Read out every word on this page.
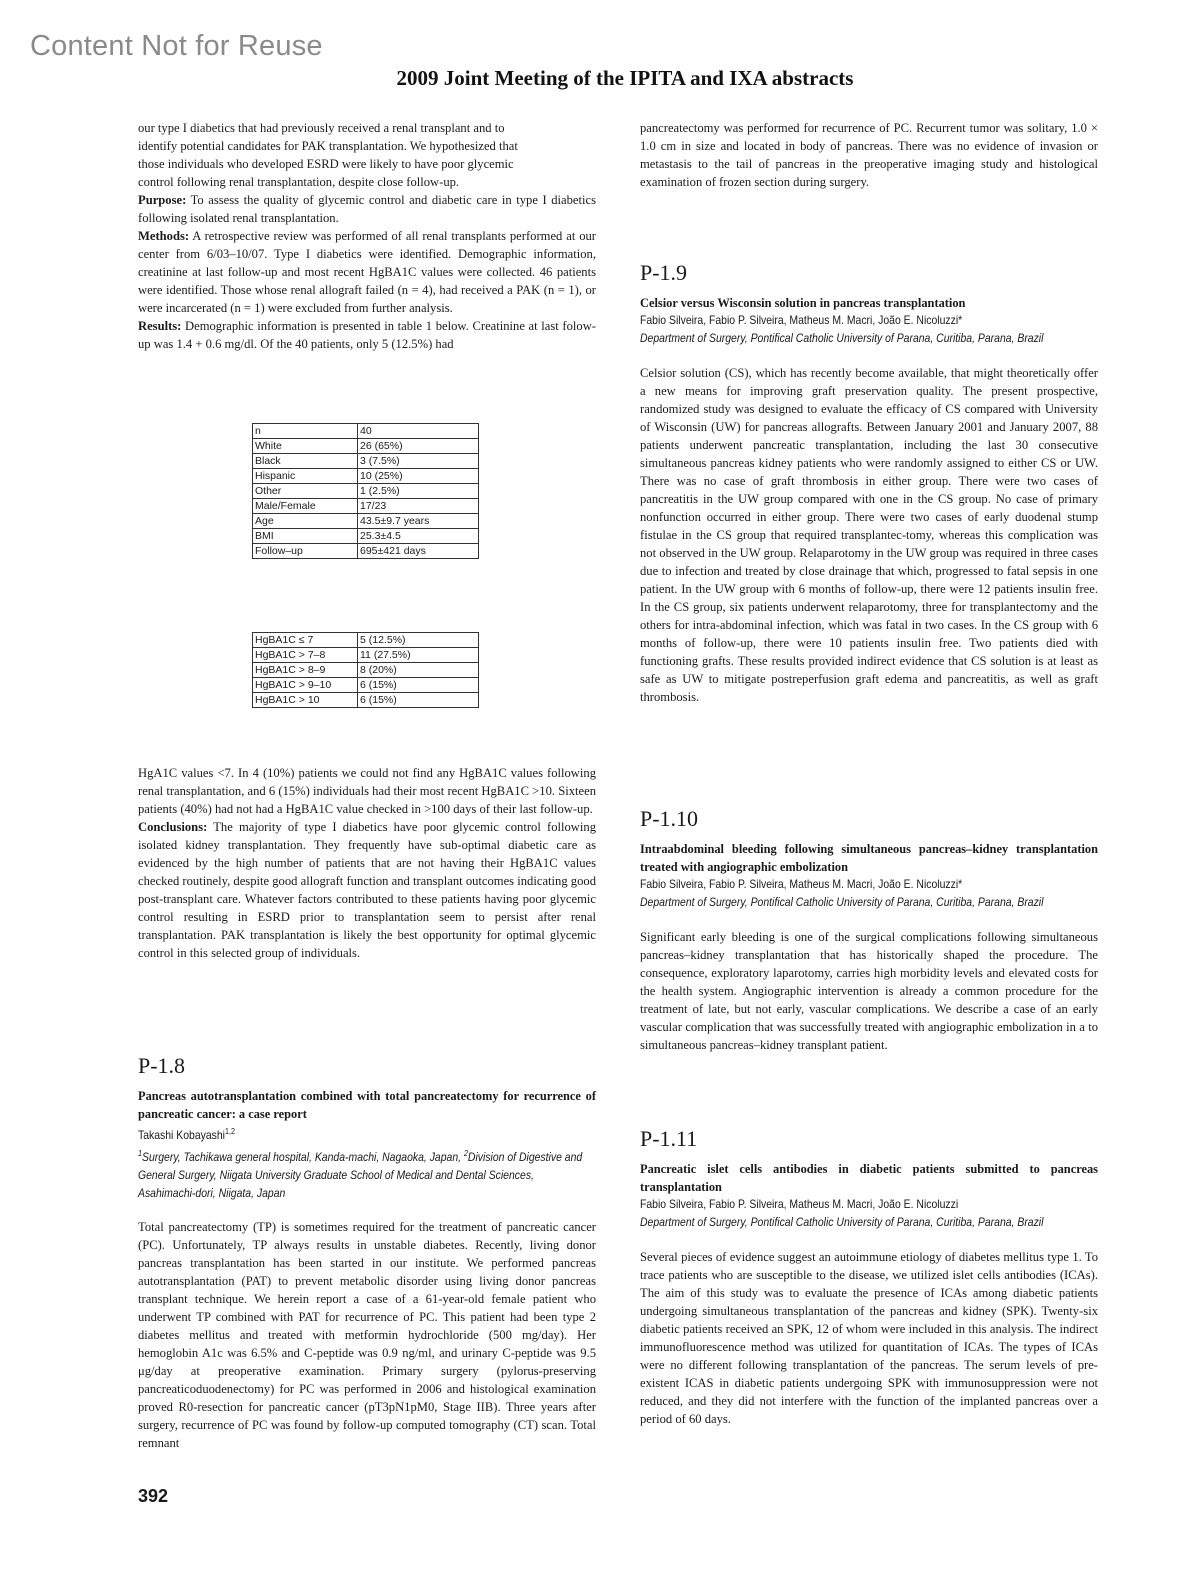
Content Not for Reuse
2009 Joint Meeting of the IPITA and IXA abstracts

our type I diabetics that had previously received a renal transplant and to
identify potential candidates for PAK transplantation. We hypothesized that
those individuals who developed ESRD were likely to have poor glycemic
control following renal transplantation, despite close follow-up.

Purpose: To assess the quality of glycemic control and diabetic care in type I diabetics following isolated renal transplantation.

Methods: A retrospective review was performed of all renal transplants performed at our center from 6/03–10/07. Type I diabetics were identified. Demographic information, creatinine at last follow-up and most recent HgBA1C values were collected. 46 patients were identified. Those whose renal allograft failed (n = 4), had received a PAK (n = 1), or were incarcerated (n = 1) were excluded from further analysis.

Results: Demographic information is presented in table 1 below. Creatinine at last folow-up was 1.4 + 0.6 mg/dl. Of the 40 patients, only 5 (12.5%) had

n	40
White	26 (65%)
Black	3 (7.5%)
Hispanic	10 (25%)
Other	1 (2.5%)
Male/Female	17/23
Age	43.5±9.7 years
BMI	25.3±4.5
Follow–up	695±421 days
HgBA1C ≤ 7	5 (12.5%)
HgBA1C > 7–8	11 (27.5%)
HgBA1C > 8–9	8 (20%)
HgBA1C > 9–10	6 (15%)
HgBA1C > 10	6 (15%)

HgA1C values <7. In 4 (10%) patients we could not find any HgBA1C values following renal transplantation, and 6 (15%) individuals had their most recent HgBA1C >10. Sixteen patients (40%) had not had a HgBA1C value checked in >100 days of their last follow-up.

Conclusions: The majority of type I diabetics have poor glycemic control following isolated kidney transplantation. They frequently have sub-optimal diabetic care as evidenced by the high number of patients that are not having their HgBA1C values checked routinely, despite good allograft function and transplant outcomes indicating good post-transplant care. Whatever factors contributed to these patients having poor glycemic control resulting in ESRD prior to transplantation seem to persist after renal transplantation. PAK transplantation is likely the best opportunity for optimal glycemic control in this selected group of individuals.

P-1.8

Pancreas autotransplantation combined with total pancreatectomy for recurrence of pancreatic cancer: a case report

Takashi Kobayashi$^{1,2}$

$^1$Surgery, Tachikawa general hospital, Kanda-machi, Nagaoka, Japan, $^2$Division of Digestive and General Surgery, Niigata University Graduate School of Medical and Dental Sciences, Asahimachi-dori, Niigata, Japan

Total pancreatectomy (TP) is sometimes required for the treatment of pancreatic cancer (PC). Unfortunately, TP always results in unstable diabetes. Recently, living donor pancreas transplantation has been started in our institute. We performed pancreas autotransplantation (PAT) to prevent metabolic disorder using living donor pancreas transplant technique. We herein report a case of a 61-year-old female patient who underwent TP combined with PAT for recurrence of PC. This patient had been type 2 diabetes mellitus and treated with metformin hydrochloride (500 mg/day). Her hemoglobin A1c was 6.5% and C-peptide was 0.9 ng/ml, and urinary C-peptide was 9.5 μg/day at preoperative examination. Primary surgery (pylorus-preserving pancreaticoduodenectomy) for PC was performed in 2006 and histological examination proved R0-resection for pancreatic cancer (pT3pN1pM0, Stage IIB). Three years after surgery, recurrence of PC was found by follow-up computed tomography (CT) scan. Total remnant

pancreatectomy was performed for recurrence of PC. Recurrent tumor was solitary, 1.0 × 1.0 cm in size and located in body of pancreas. There was no evidence of invasion or metastasis to the tail of pancreas in the preoperative imaging study and histological examination of frozen section during surgery.

P-1.9

Celsior versus Wisconsin solution in pancreas transplantation

Fabio Silveira, Fabio P. Silveira, Matheus M. Macri, João E. Nicoluzzi*

Department of Surgery, Pontifical Catholic University of Parana, Curitiba, Parana, Brazil

Celsior solution (CS), which has recently become available, that might theoretically offer a new means for improving graft preservation quality. The present prospective, randomized study was designed to evaluate the efficacy of CS compared with University of Wisconsin (UW) for pancreas allografts. Between January 2001 and January 2007, 88 patients underwent pancreatic transplantation, including the last 30 consecutive simultaneous pancreas kidney patients who were randomly assigned to either CS or UW. There was no case of graft thrombosis in either group. There were two cases of pancreatitis in the UW group compared with one in the CS group. No case of primary nonfunction occurred in either group. There were two cases of early duodenal stump fistulae in the CS group that required transplantec-tomy, whereas this complication was not observed in the UW group. Relaparotomy in the UW group was required in three cases due to infection and treated by close drainage that which, progressed to fatal sepsis in one patient. In the UW group with 6 months of follow-up, there were 12 patients insulin free. In the CS group, six patients underwent relaparotomy, three for transplantectomy and the others for intra-abdominal infection, which was fatal in two cases. In the CS group with 6 months of follow-up, there were 10 patients insulin free. Two patients died with functioning grafts. These results provided indirect evidence that CS solution is at least as safe as UW to mitigate postreperfusion graft edema and pancreatitis, as well as graft thrombosis.

P-1.10

Intraabdominal bleeding following simultaneous pancreas–kidney transplantation treated with angiographic embolization

Fabio Silveira, Fabio P. Silveira, Matheus M. Macri, João E. Nicoluzzi*

Department of Surgery, Pontifical Catholic University of Parana, Curitiba, Parana, Brazil

Significant early bleeding is one of the surgical complications following simultaneous pancreas–kidney transplantation that has historically shaped the procedure. The consequence, exploratory laparotomy, carries high morbidity levels and elevated costs for the health system. Angiographic intervention is already a common procedure for the treatment of late, but not early, vascular complications. We describe a case of an early vascular complication that was successfully treated with angiographic embolization in a to simultaneous pancreas–kidney transplant patient.

P-1.11

Pancreatic islet cells antibodies in diabetic patients submitted to pancreas transplantation

Fabio Silveira, Fabio P. Silveira, Matheus M. Macri, João E. Nicoluzzi

Department of Surgery, Pontifical Catholic University of Parana, Curitiba, Parana, Brazil

Several pieces of evidence suggest an autoimmune etiology of diabetes mellitus type 1. To trace patients who are susceptible to the disease, we utilized islet cells antibodies (ICAs). The aim of this study was to evaluate the presence of ICAs among diabetic patients undergoing simultaneous transplantation of the pancreas and kidney (SPK). Twenty-six diabetic patients received an SPK, 12 of whom were included in this analysis. The indirect immunofluorescence method was utilized for quantitation of ICAs. The types of ICAs were no different following transplantation of the pancreas. The serum levels of pre-existent ICAS in diabetic patients undergoing SPK with immunosuppression were not reduced, and they did not interfere with the function of the implanted pancreas over a period of 60 days.

392
